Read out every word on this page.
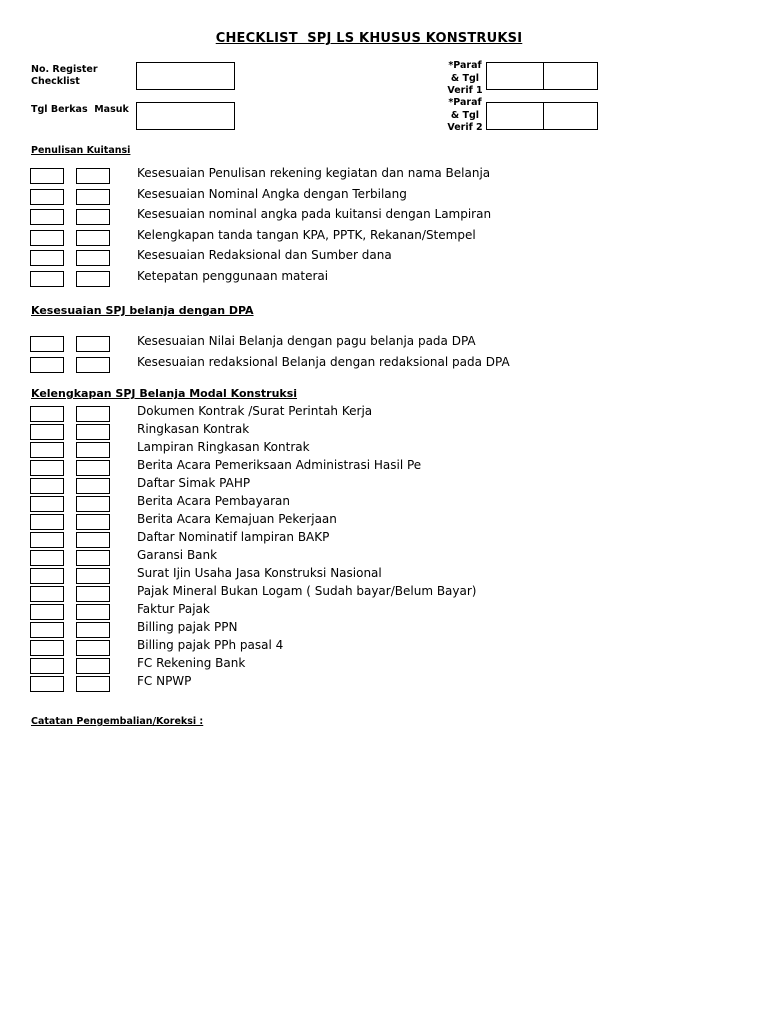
CHECKLIST  SPJ LS KHUSUS KONSTRUKSI
No. Register
Checklist
Tgl Berkas  Masuk
*Paraf
& Tgl
Verif 1
*Paraf
& Tgl
Verif 2
Penulisan Kuitansi
Kesesuaian Penulisan rekening kegiatan dan nama Belanja
Kesesuaian Nominal Angka dengan Terbilang
Kesesuaian nominal angka pada kuitansi dengan Lampiran
Kelengkapan tanda tangan KPA, PPTK, Rekanan/Stempel
Kesesuaian Redaksional dan Sumber dana
Ketepatan penggunaan materai
Kesesuaian SPJ belanja dengan DPA
Kesesuaian Nilai Belanja dengan pagu belanja pada DPA
Kesesuaian redaksional Belanja dengan redaksional pada DPA
Kelengkapan SPJ Belanja Modal Konstruksi
Dokumen Kontrak /Surat Perintah Kerja
Ringkasan Kontrak
Lampiran Ringkasan Kontrak
Berita Acara Pemeriksaan Administrasi Hasil Pe
Daftar Simak PAHP
Berita Acara Pembayaran
Berita Acara Kemajuan Pekerjaan
Daftar Nominatif lampiran BAKP
Garansi Bank
Surat Ijin Usaha Jasa Konstruksi Nasional
Pajak Mineral Bukan Logam ( Sudah bayar/Belum Bayar)
Faktur Pajak
Billing pajak PPN
Billing pajak PPh pasal 4
FC Rekening Bank
FC NPWP
Catatan Pengembalian/Koreksi :
